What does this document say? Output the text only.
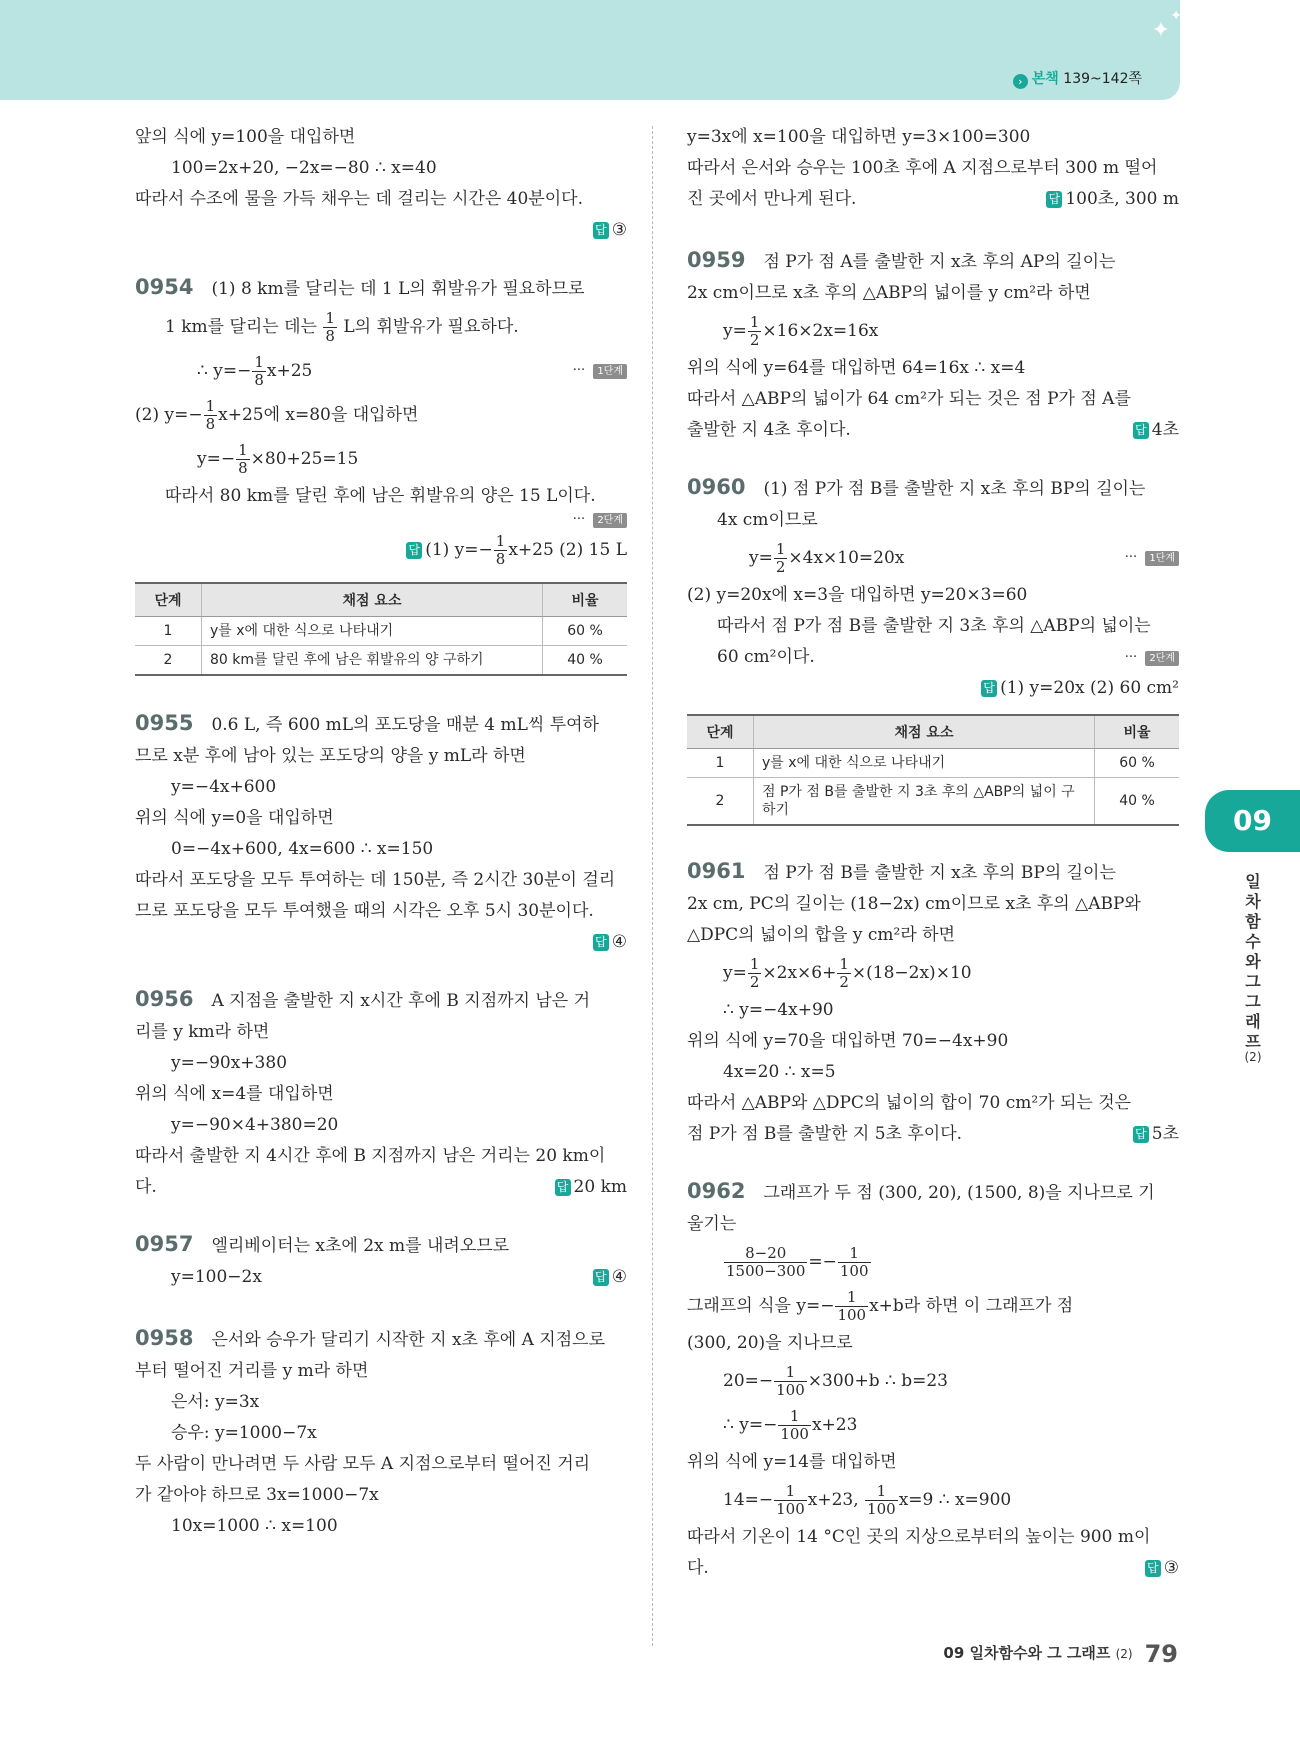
✦
✦
› 본책 139~142쪽
앞의 식에 y=100을 대입하면
100=2x+20, −2x=−80 ∴ x=40
따라서 수조에 물을 가득 채우는 데 걸리는 시간은 40분이다.
답 ③
0954 (1) 8 km를 달리는 데 1 L의 휘발유가 필요하므로
1 km를 달리는 데는 $\frac{1}{8}$ L의 휘발유가 필요하다.
∴ $y=- \frac{1}{8} x+25$	··· 1단계
(2) $y=- \frac{1}{8} x+25$에 x=80을 대입하면
$y=- \frac{1}{8} \times 80+25=15$
따라서 80 km를 달린 후에 남은 휘발유의 양은 15 L이다.
··· 2단계
답 (1) $y=- \frac{1}{8} x+25$ (2) 15 L
단계	채점 요소	비율
1	y를 x에 대한 식으로 나타내기	60 %
2	80 km를 달린 후에 남은 휘발유의 양 구하기	40 %
0955 0.6 L, 즉 600 mL의 포도당을 매분 4 mL씩 투여하
므로 x분 후에 남아 있는 포도당의 양을 y mL라 하면
y=−4x+600
위의 식에 y=0을 대입하면
0=−4x+600, 4x=600 ∴ x=150
따라서 포도당을 모두 투여하는 데 150분, 즉 2시간 30분이 걸리
므로 포도당을 모두 투여했을 때의 시각은 오후 5시 30분이다.
답 ④
0956 A 지점을 출발한 지 x시간 후에 B 지점까지 남은 거
리를 y km라 하면
y=−90x+380
위의 식에 x=4를 대입하면
y=−90×4+380=20
따라서 출발한 지 4시간 후에 B 지점까지 남은 거리는 20 km이
다.	답 20 km
0957 엘리베이터는 x초에 2x m를 내려오므로
y=100−2x	답 ④
0958 은서와 승우가 달리기 시작한 지 x초 후에 A 지점으로
부터 떨어진 거리를 y m라 하면
은서: y=3x
승우: y=1000−7x
두 사람이 만나려면 두 사람 모두 A 지점으로부터 떨어진 거리
가 같아야 하므로 3x=1000−7x
10x=1000 ∴ x=100
y=3x에 x=100을 대입하면 y=3×100=300
따라서 은서와 승우는 100초 후에 A 지점으로부터 300 m 떨어
진 곳에서 만나게 된다.	답 100초, 300 m
0959 점 P가 점 A를 출발한 지 x초 후의 AP의 길이는
2x cm이므로 x초 후의 △ABP의 넓이를 y cm²라 하면
$y= \frac{1}{2} \times 16\times 2x=16x$
위의 식에 y=64를 대입하면 64=16x ∴ x=4
따라서 △ABP의 넓이가 64 cm²가 되는 것은 점 P가 점 A를
출발한 지 4초 후이다.	답 4초
0960 (1) 점 P가 점 B를 출발한 지 x초 후의 BP의 길이는
4x cm이므로
$y= \frac{1}{2} \times 4x\times 10=20x$	··· 1단계
(2) y=20x에 x=3을 대입하면 y=20×3=60
따라서 점 P가 점 B를 출발한 지 3초 후의 △ABP의 넓이는
60 cm²이다.	··· 2단계
답 (1) y=20x (2) 60 cm²
단계	채점 요소	비율
1	y를 x에 대한 식으로 나타내기	60 %
2	점 P가 점 B를 출발한 지 3초 후의 △ABP의 넓이 구하기	40 %
0961 점 P가 점 B를 출발한 지 x초 후의 BP의 길이는
2x cm, PC의 길이는 (18−2x) cm이므로 x초 후의 △ABP와
△DPC의 넓이의 합을 y cm²라 하면
$y= \frac{1}{2} \times 2x\times 6+ \frac{1}{2} \times(18-2x)\times 10$
∴ y=−4x+90
위의 식에 y=70을 대입하면 70=−4x+90
4x=20 ∴ x=5
따라서 △ABP와 △DPC의 넓이의 합이 70 cm²가 되는 것은
점 P가 점 B를 출발한 지 5초 후이다.	답 5초
0962 그래프가 두 점 (300, 20), (1500, 8)을 지나므로 기
울기는
$\frac{8-20}{1500-300} =- \frac{1}{100}$
그래프의 식을 $y=- \frac{1}{100} x+b$라 하면 이 그래프가 점
(300, 20)을 지나므로
$20=- \frac{1}{100} \times 300+b$ ∴ b=23
∴ $y=- \frac{1}{100} x+23$
위의 식에 y=14를 대입하면
$14=- \frac{1}{100} x+23$, $\frac{1}{100} x=9$ ∴ x=900
따라서 기온이 14 °C인 곳의 지상으로부터의 높이는 900 m이
다.	답 ③
09
일차함수와 그 그래프
(2)
09 일차함수와 그 그래프 (2) 79
